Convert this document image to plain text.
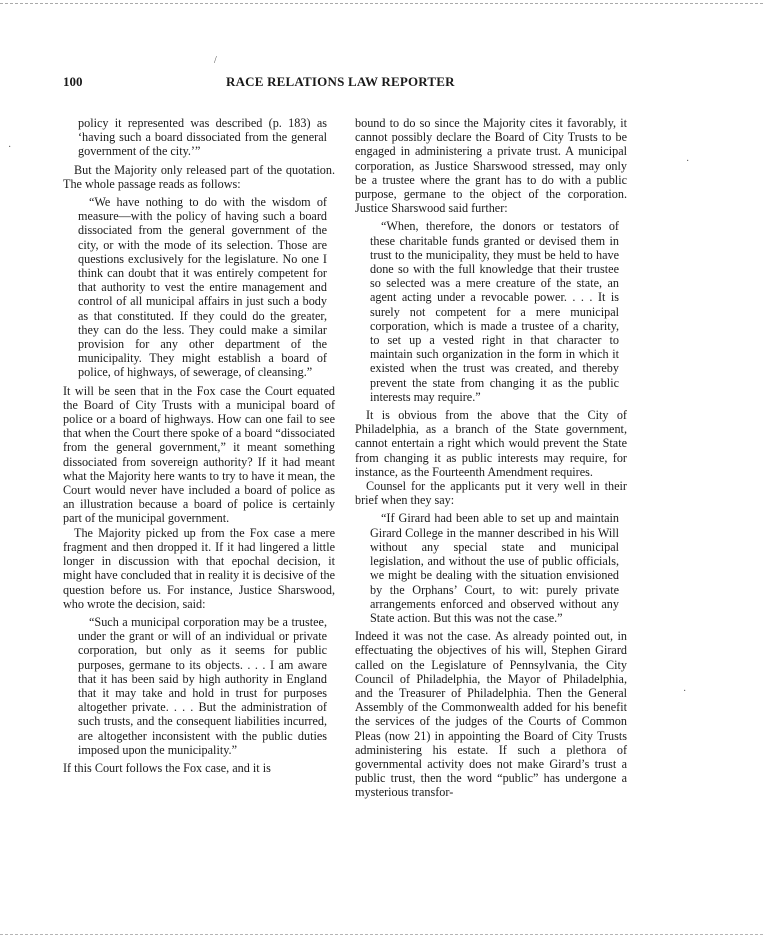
/
·
·
·
100	RACE RELATIONS LAW REPORTER

policy it represented was described (p. 183) as ‘having such a board dissociated from the general government of the city.’”

But the Majority only released part of the quotation. The whole passage reads as follows:

“We have nothing to do with the wisdom of measure—with the policy of having such a board dissociated from the general government of the city, or with the mode of its selection. Those are questions exclusively for the legislature. No one I think can doubt that it was entirely competent for that authority to vest the entire management and control of all municipal affairs in just such a body as that constituted. If they could do the greater, they can do the less. They could make a similar provision for any other department of the municipality. They might establish a board of police, of highways, of sewerage, of cleansing.”

It will be seen that in the Fox case the Court equated the Board of City Trusts with a municipal board of police or a board of highways. How can one fail to see that when the Court there spoke of a board “dissociated from the general government,” it meant something dissociated from sovereign authority? If it had meant what the Majority here wants to try to have it mean, the Court would never have included a board of police as an illustration because a board of police is certainly part of the municipal government.

The Majority picked up from the Fox case a mere fragment and then dropped it. If it had lingered a little longer in discussion with that epochal decision, it might have concluded that in reality it is decisive of the question before us. For instance, Justice Sharswood, who wrote the decision, said:

“Such a municipal corporation may be a trustee, under the grant or will of an individual or private corporation, but only as it seems for public purposes, germane to its objects. . . . I am aware that it has been said by high authority in England that it may take and hold in trust for purposes altogether private. . . . But the administration of such trusts, and the consequent liabilities incurred, are altogether inconsistent with the public duties imposed upon the municipality.”

If this Court follows the Fox case, and it is

bound to do so since the Majority cites it favorably, it cannot possibly declare the Board of City Trusts to be engaged in administering a private trust. A municipal corporation, as Justice Sharswood stressed, may only be a trustee where the grant has to do with a public purpose, germane to the object of the corporation. Justice Sharswood said further:

“When, therefore, the donors or testators of these charitable funds granted or devised them in trust to the municipality, they must be held to have done so with the full knowledge that their trustee so selected was a mere creature of the state, an agent acting under a revocable power. . . . It is surely not competent for a mere municipal corporation, which is made a trustee of a charity, to set up a vested right in that character to maintain such organization in the form in which it existed when the trust was created, and thereby prevent the state from changing it as the public interests may require.”

It is obvious from the above that the City of Philadelphia, as a branch of the State government, cannot entertain a right which would prevent the State from changing it as public interests may require, for instance, as the Fourteenth Amendment requires.

Counsel for the applicants put it very well in their brief when they say:

“If Girard had been able to set up and maintain Girard College in the manner described in his Will without any special state and municipal legislation, and without the use of public officials, we might be dealing with the situation envisioned by the Orphans’ Court, to wit: purely private arrangements enforced and observed without any State action. But this was not the case.”

Indeed it was not the case. As already pointed out, in effectuating the objectives of his will, Stephen Girard called on the Legislature of Pennsylvania, the City Council of Philadelphia, the Mayor of Philadelphia, and the Treasurer of Philadelphia. Then the General Assembly of the Commonwealth added for his benefit the services of the judges of the Courts of Common Pleas (now 21) in appointing the Board of City Trusts administering his estate. If such a plethora of governmental activity does not make Girard’s trust a public trust, then the word “public” has undergone a mysterious transfor-
